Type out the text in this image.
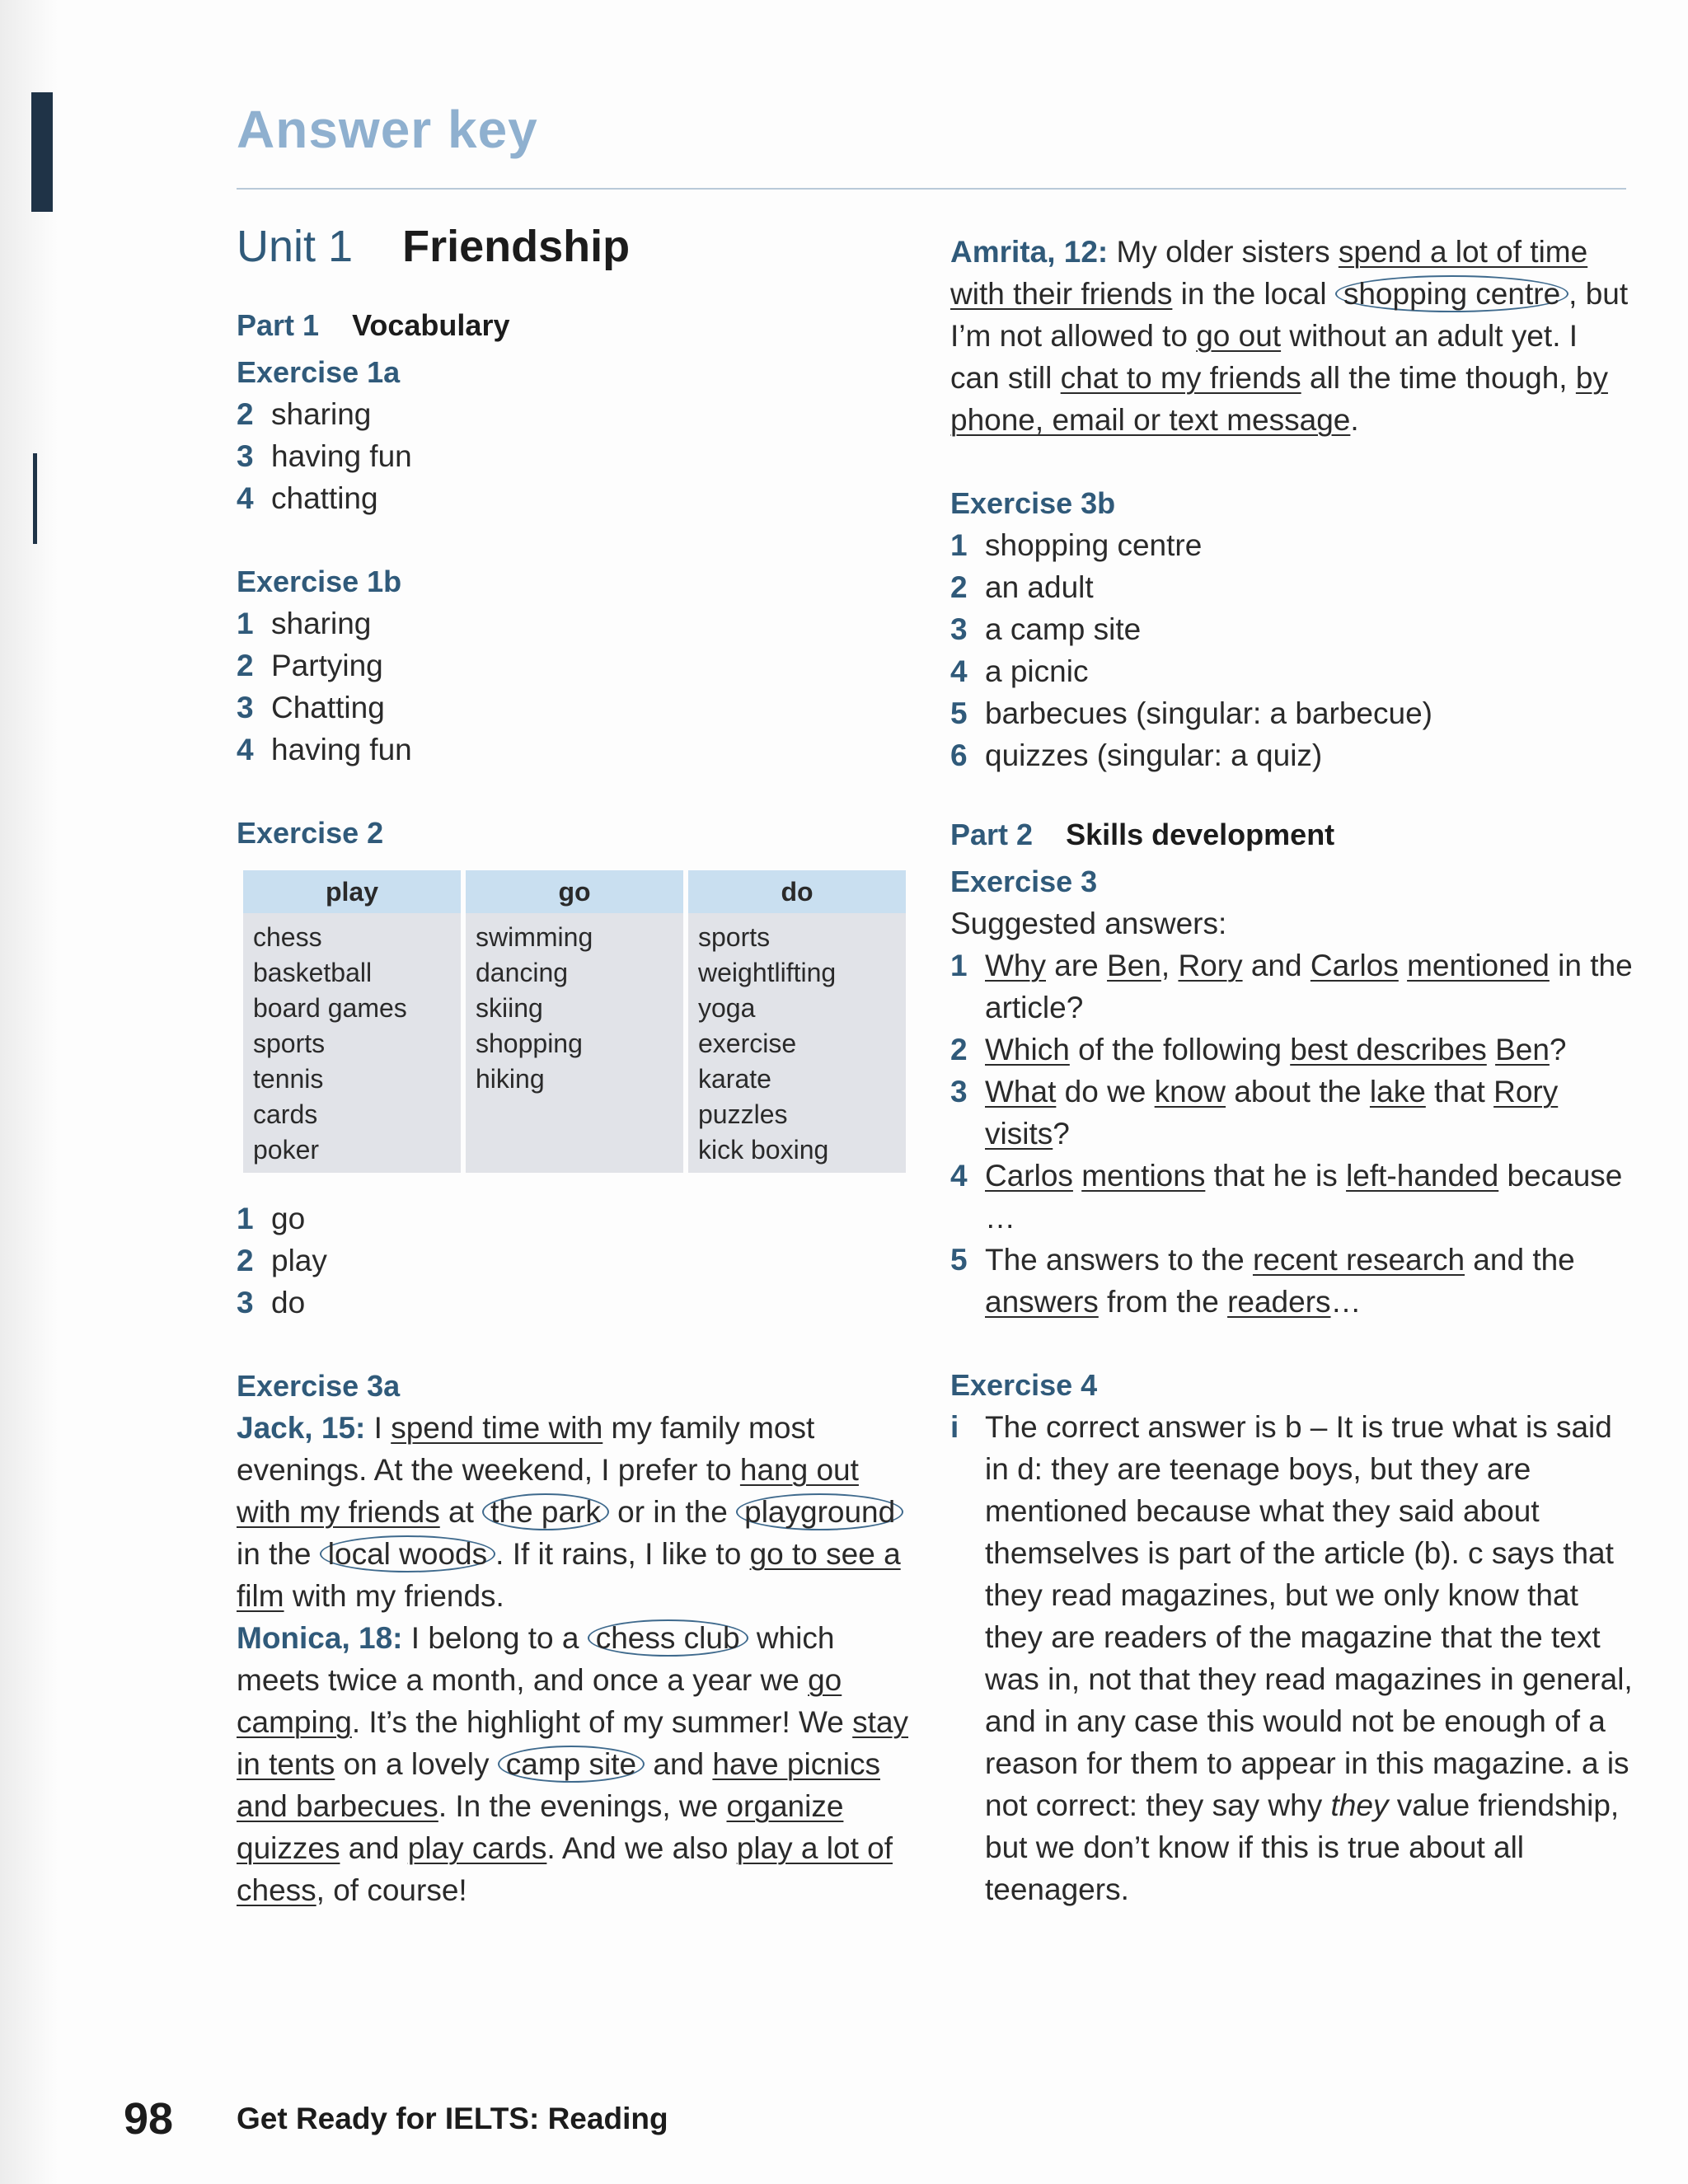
Answer key
Unit 1 Friendship
Part 1 Vocabulary
Exercise 1a
2 sharing
3 having fun
4 chatting
Exercise 1b
1 sharing
2 Partying
3 Chatting
4 having fun
Exercise 2
play
chess
basketball
board games
sports
tennis
cards
poker
go
swimming
dancing
skiing
shopping
hiking
do
sports
weightlifting
yoga
exercise
karate
puzzles
kick boxing
1 go
2 play
3 do
Exercise 3a
Jack, 15: I spend time with my family most evenings. At the weekend, I prefer to hang out with my friends at the park or in the playground in the local woods . If it rains, I like to go to see a film with my friends.
Monica, 18: I belong to a chess club which meets twice a month, and once a year we go camping. It’s the highlight of my summer! We stay in tents on a lovely camp site and have picnics and barbecues. In the evenings, we organize quizzes and play cards. And we also play a lot of chess, of course!
Amrita, 12: My older sisters spend a lot of time with their friends in the local shopping centre , but I’m not allowed to go out without an adult yet. I can still chat to my friends all the time though, by phone, email or text message.
Exercise 3b
1 shopping centre
2 an adult
3 a camp site
4 a picnic
5 barbecues (singular: a barbecue)
6 quizzes (singular: a quiz)
Part 2 Skills development
Exercise 3
Suggested answers:
1 Why are Ben, Rory and Carlos mentioned in the article?
2 Which of the following best describes Ben?
3 What do we know about the lake that Rory visits?
4 Carlos mentions that he is left-handed because …
5 The answers to the recent research and the answers from the readers…
Exercise 4
i The correct answer is b – It is true what is said in d: they are teenage boys, but they are mentioned because what they said about themselves is part of the article (b). c says that they read magazines, but we only know that they are readers of the magazine that the text was in, not that they read magazines in general, and in any case this would not be enough of a reason for them to appear in this magazine. a is not correct: they say why they value friendship, but we don’t know if this is true about all teenagers.
98 Get Ready for IELTS: Reading
